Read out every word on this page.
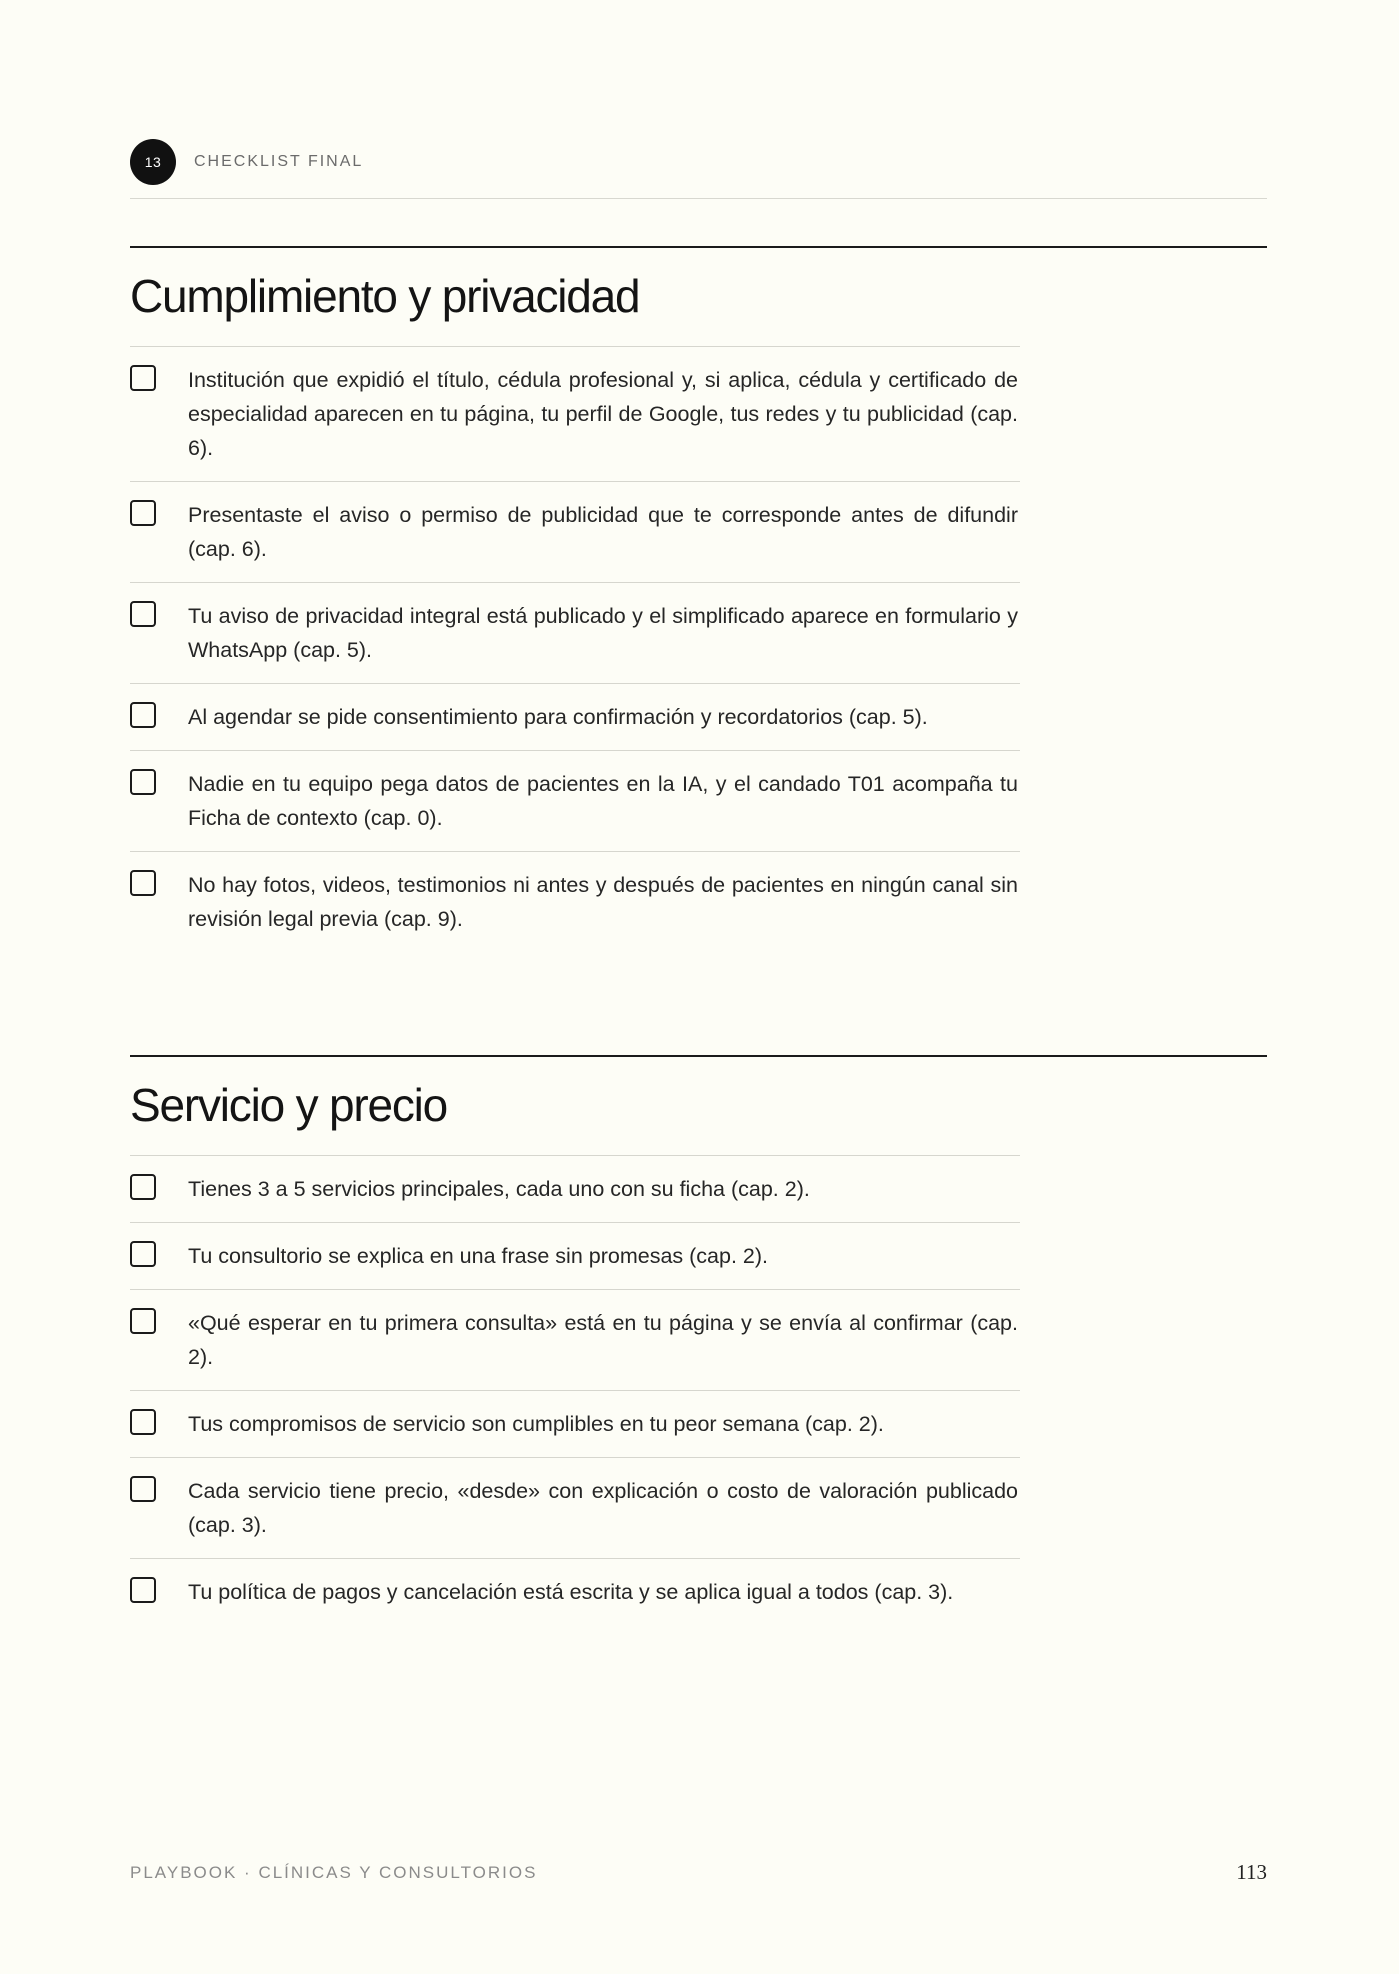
13	CHECKLIST FINAL
Cumplimiento y privacidad
Institución que expidió el título, cédula profesional y, si aplica, cédula y certificado de especialidad aparecen en tu página, tu perfil de Google, tus redes y tu publicidad (cap. 6).
Presentaste el aviso o permiso de publicidad que te corresponde antes de difundir (cap. 6).
Tu aviso de privacidad integral está publicado y el simplificado aparece en formulario y WhatsApp (cap. 5).
Al agendar se pide consentimiento para confirmación y recordatorios (cap. 5).
Nadie en tu equipo pega datos de pacientes en la IA, y el candado T01 acompaña tu Ficha de contexto (cap. 0).
No hay fotos, videos, testimonios ni antes y después de pacientes en ningún canal sin revisión legal previa (cap. 9).
Servicio y precio
Tienes 3 a 5 servicios principales, cada uno con su ficha (cap. 2).
Tu consultorio se explica en una frase sin promesas (cap. 2).
«Qué esperar en tu primera consulta» está en tu página y se envía al confirmar (cap. 2).
Tus compromisos de servicio son cumplibles en tu peor semana (cap. 2).
Cada servicio tiene precio, «desde» con explicación o costo de valoración publicado (cap. 3).
Tu política de pagos y cancelación está escrita y se aplica igual a todos (cap. 3).
PLAYBOOK · CLÍNICAS Y CONSULTORIOS	113
